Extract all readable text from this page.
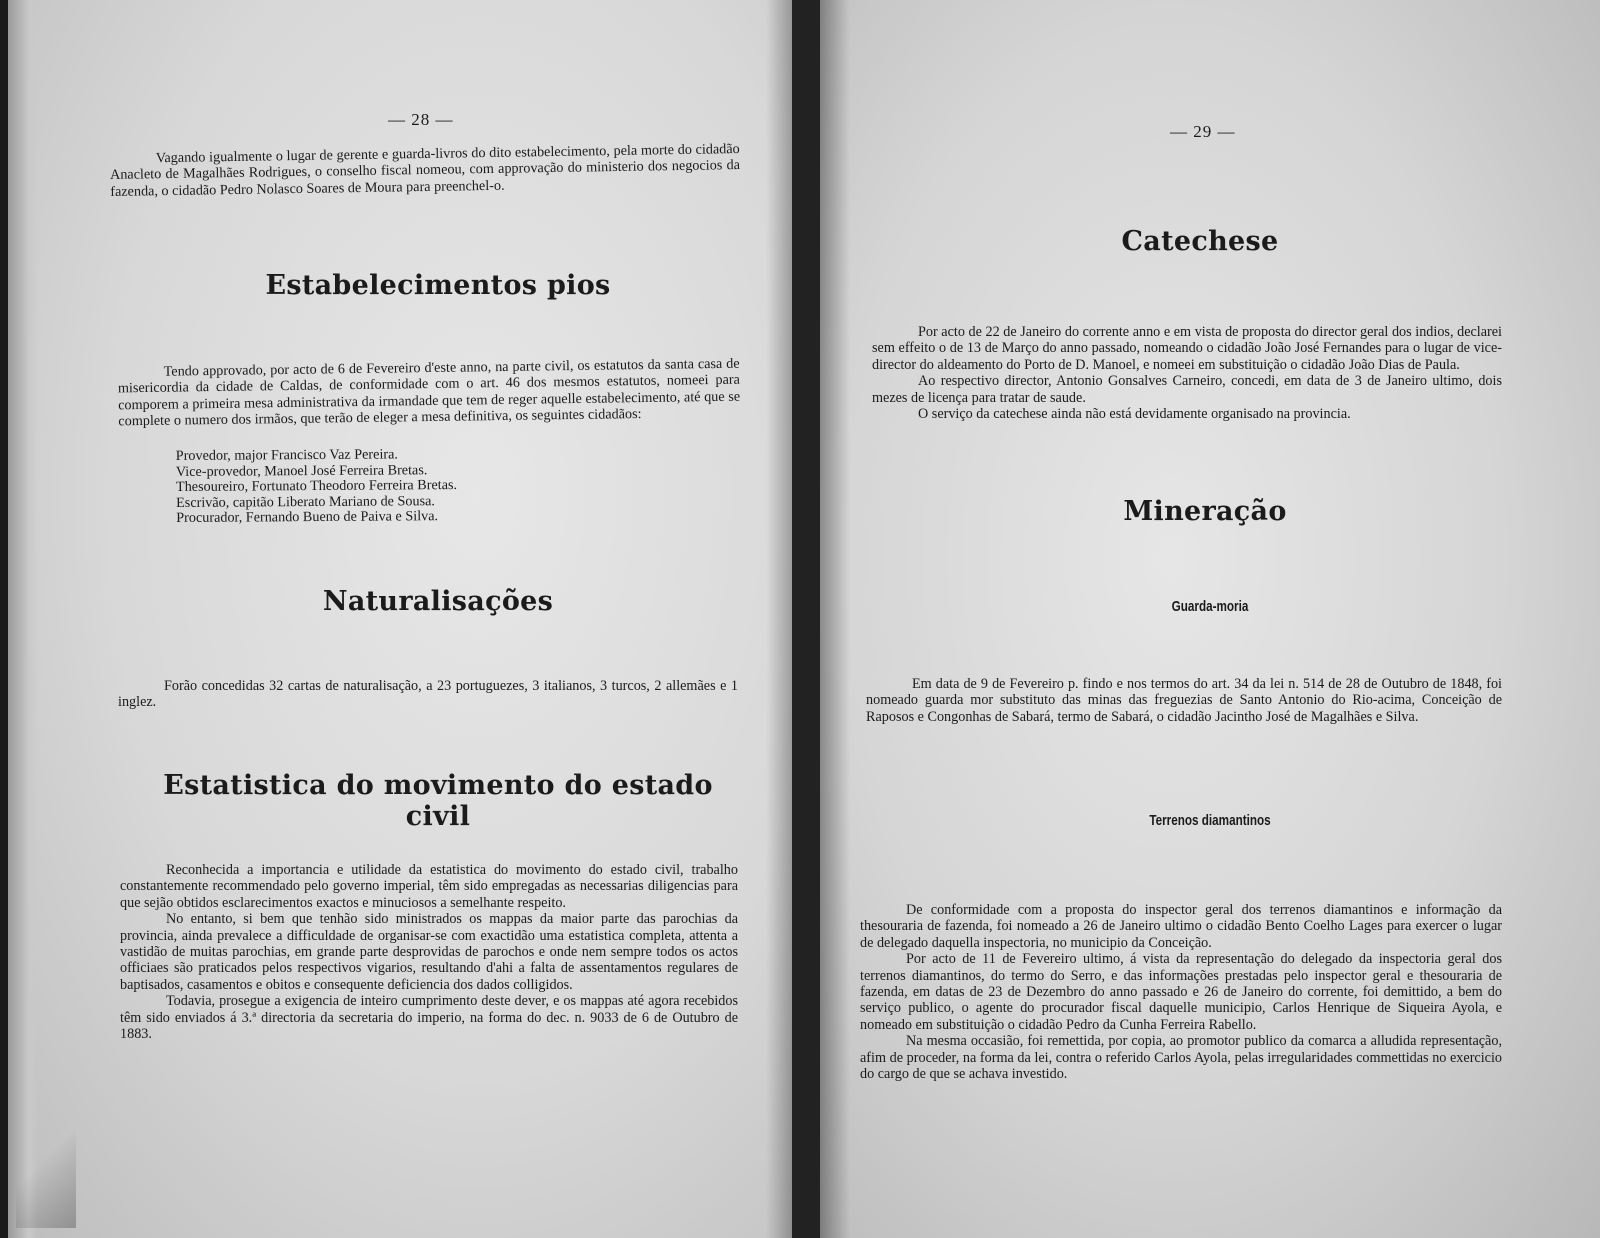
— 28 —

Vagando igualmente o lugar de gerente e guarda-livros do dito estabelecimento, pela morte do cidadão Anacleto de Magalhães Rodrigues, o conselho fiscal nomeou, com approvação do ministerio dos negocios da fazenda, o cidadão Pedro Nolasco Soares de Moura para preenchel-o.

Estabelecimentos pios

Tendo approvado, por acto de 6 de Fevereiro d'este anno, na parte civil, os estatutos da santa casa de misericordia da cidade de Caldas, de conformidade com o art. 46 dos mesmos estatutos, nomeei para comporem a primeira mesa administrativa da irmandade que tem de reger aquelle estabelecimento, até que se complete o numero dos irmãos, que terão de eleger a mesa definitiva, os seguintes cidadãos:

Provedor, major Francisco Vaz Pereira.
Vice-provedor, Manoel José Ferreira Bretas.
Thesoureiro, Fortunato Theodoro Ferreira Bretas.
Escrivão, capitão Liberato Mariano de Sousa.
Procurador, Fernando Bueno de Paiva e Silva.
Naturalisações

Forão concedidas 32 cartas de naturalisação, a 23 portuguezes, 3 italianos, 3 turcos, 2 allemães e 1 inglez.

Estatistica do movimento do estado civil

Reconhecida a importancia e utilidade da estatistica do movimento do estado civil, trabalho constantemente recommendado pelo governo imperial, têm sido empregadas as necessarias diligencias para que sejão obtidos esclarecimentos exactos e minuciosos a semelhante respeito.

No entanto, si bem que tenhão sido ministrados os mappas da maior parte das parochias da provincia, ainda prevalece a difficuldade de organisar-se com exactidão uma estatistica completa, attenta a vastidão de muitas parochias, em grande parte desprovidas de parochos e onde nem sempre todos os actos officiaes são praticados pelos respectivos vigarios, resultando d'ahi a falta de assentamentos regulares de baptisados, casamentos e obitos e consequente deficiencia dos dados colligidos.

Todavia, prosegue a exigencia de inteiro cumprimento deste dever, e os mappas até agora recebidos têm sido enviados á 3.ª directoria da secretaria do imperio, na forma do dec. n. 9033 de 6 de Outubro de 1883.

— 29 —
Catechese

Por acto de 22 de Janeiro do corrente anno e em vista de proposta do director geral dos indios, declarei sem effeito o de 13 de Março do anno passado, nomeando o cidadão João José Fernandes para o lugar de vice-director do aldeamento do Porto de D. Manoel, e nomeei em substituição o cidadão João Dias de Paula.

Ao respectivo director, Antonio Gonsalves Carneiro, concedi, em data de 3 de Janeiro ultimo, dois mezes de licença para tratar de saude.

O serviço da catechese ainda não está devidamente organisado na provincia.

Mineração
Guarda-moria

Em data de 9 de Fevereiro p. findo e nos termos do art. 34 da lei n. 514 de 28 de Outubro de 1848, foi nomeado guarda mor substituto das minas das freguezias de Santo Antonio do Rio-acima, Conceição de Raposos e Congonhas de Sabará, termo de Sabará, o cidadão Jacintho José de Magalhães e Silva.

Terrenos diamantinos

De conformidade com a proposta do inspector geral dos terrenos diamantinos e informação da thesouraria de fazenda, foi nomeado a 26 de Janeiro ultimo o cidadão Bento Coelho Lages para exercer o lugar de delegado daquella inspectoria, no municipio da Conceição.

Por acto de 11 de Fevereiro ultimo, á vista da representação do delegado da inspectoria geral dos terrenos diamantinos, do termo do Serro, e das informações prestadas pelo inspector geral e thesouraria de fazenda, em datas de 23 de Dezembro do anno passado e 26 de Janeiro do corrente, foi demittido, a bem do serviço publico, o agente do procurador fiscal daquelle municipio, Carlos Henrique de Siqueira Ayola, e nomeado em substituição o cidadão Pedro da Cunha Ferreira Rabello.

Na mesma occasião, foi remettida, por copia, ao promotor publico da comarca a alludida representação, afim de proceder, na forma da lei, contra o referido Carlos Ayola, pelas irregularidades commettidas no exercicio do cargo de que se achava investido.
